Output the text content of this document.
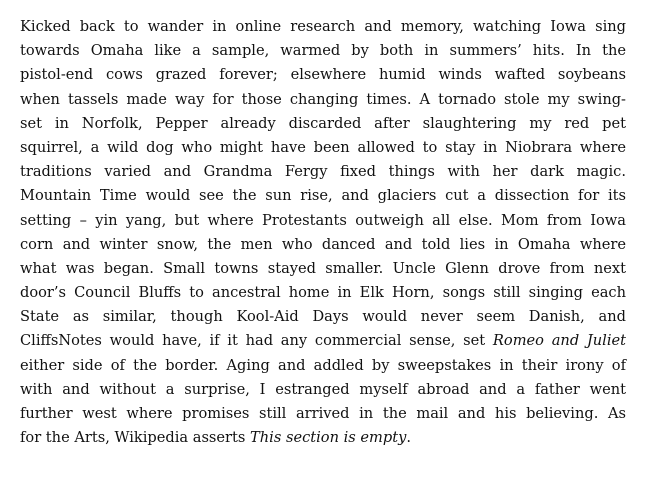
Kicked back to wander in online research and memory, watching Iowa sing
towards Omaha like a sample, warmed by both in summers’ hits. In the
pistol-end cows grazed forever; elsewhere humid winds wafted soybeans
when tassels made way for those changing times. A tornado stole my swing-
set in Norfolk, Pepper already discarded after slaughtering my red pet
squirrel, a wild dog who might have been allowed to stay in Niobrara where
traditions varied and Grandma Fergy fixed things with her dark magic.
Mountain Time would see the sun rise, and glaciers cut a dissection for its
setting – yin yang, but where Protestants outweigh all else. Mom from Iowa
corn and winter snow, the men who danced and told lies in Omaha where
what was began. Small towns stayed smaller. Uncle Glenn drove from next
door’s Council Bluffs to ancestral home in Elk Horn, songs still singing each
State as similar, though Kool-Aid Days would never seem Danish, and
CliffsNotes would have, if it had any commercial sense, set Romeo and Juliet
either side of the border. Aging and addled by sweepstakes in their irony of
with and without a surprise, I estranged myself abroad and a father went
further west where promises still arrived in the mail and his believing. As
for the Arts, Wikipedia asserts This section is empty.
